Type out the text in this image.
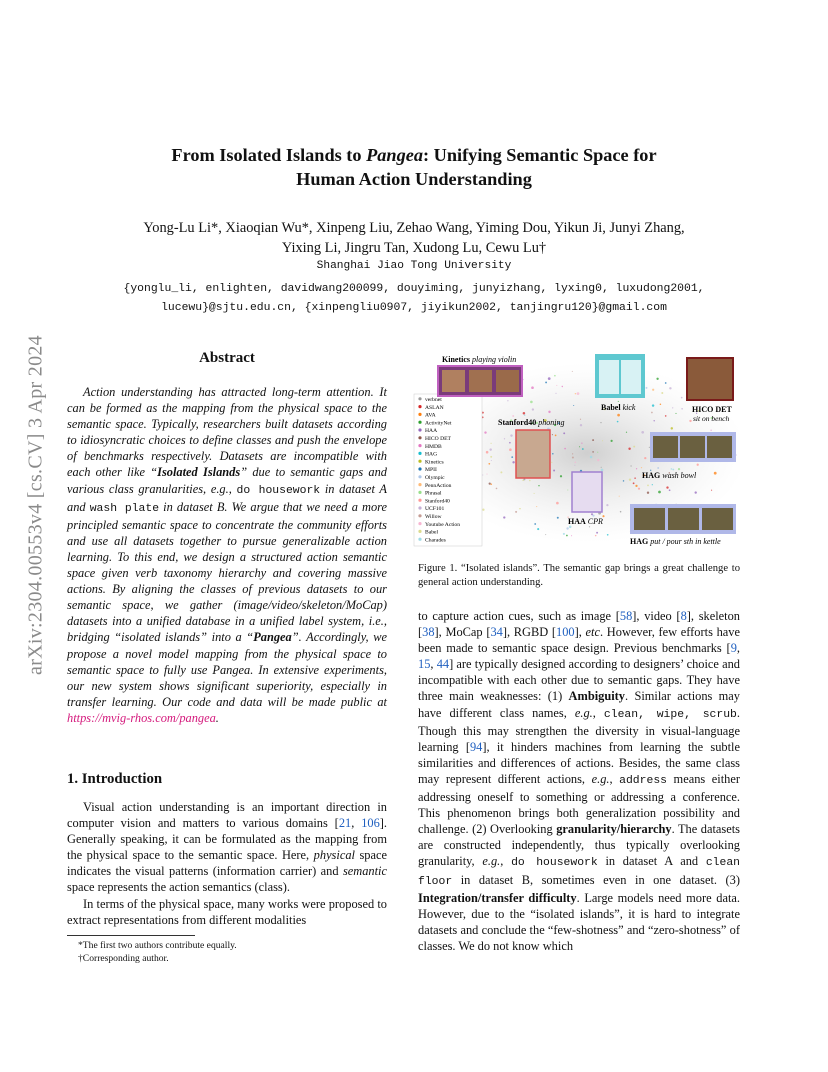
arXiv:2304.00553v4 [cs.CV] 3 Apr 2024
From Isolated Islands to Pangea: Unifying Semantic Space for
Human Action Understanding
Yong-Lu Li*, Xiaoqian Wu*, Xinpeng Liu, Zehao Wang, Yiming Dou, Yikun Ji, Junyi Zhang,
Yixing Li, Jingru Tan, Xudong Lu, Cewu Lu†
Shanghai Jiao Tong University
{yonglu_li, enlighten, davidwang200099, douyiming, junyizhang, lyxing0, luxudong2001,
lucewu}@sjtu.edu.cn, {xinpengliu0907, jiyikun2002, tanjingru120}@gmail.com
Abstract

Action understanding has attracted long-term attention. It can be formed as the mapping from the physical space to the semantic space. Typically, researchers built datasets according to idiosyncratic choices to define classes and push the envelope of benchmarks respectively. Datasets are incompatible with each other like “Isolated Islands” due to semantic gaps and various class granularities, e.g., do housework in dataset A and wash plate in dataset B. We argue that we need a more principled semantic space to concentrate the community efforts and use all datasets together to pursue generalizable action learning. To this end, we design a structured action semantic space given verb taxonomy hierarchy and covering massive actions. By aligning the classes of previous datasets to our semantic space, we gather (image/video/skeleton/MoCap) datasets into a unified database in a unified label system, i.e., bridging “isolated islands” into a “Pangea”. Accordingly, we propose a novel model mapping from the physical space to semantic space to fully use Pangea. In extensive experiments, our new system shows significant superiority, especially in transfer learning. Our code and data will be made public at https://mvig-rhos.com/pangea.

1. Introduction

Visual action understanding is an important direction in computer vision and matters to various domains [21, 106]. Generally speaking, it can be formulated as the mapping from the physical space to the semantic space. Here, physical space indicates the visual patterns (information carrier) and semantic space represents the action semantics (class).

In terms of the physical space, many works were proposed to extract representations from different modalities

*The first two authors contribute equally.

†Corresponding author.

verbnet
ASLAN
AVA
ActivityNet
HAA
HICO DET
HMDB
HAG
Kinetics
MPII
Olympic
PennAction
Phrasal
Stanford40
UCF101
Willow
Youtube Action
Babel
Charades
Kinetics playing violin
Babel kick	HICO DET
sit on bench
Stanford40 phoning
HAG wash bowl
HAA CPR
HAG put / pour sth in kettle
Figure 1. “Isolated islands”. The semantic gap brings a great challenge to general action understanding.

to capture action cues, such as image [58], video [8], skeleton [38], MoCap [34], RGBD [100], etc. However, few efforts have been made to semantic space design. Previous benchmarks [9, 15, 44] are typically designed according to designers’ choice and incompatible with each other due to semantic gaps. They have three main weaknesses: (1) Ambiguity. Similar actions may have different class names, e.g., clean, wipe, scrub. Though this may strengthen the diversity in visual-language learning [94], it hinders machines from learning the subtle similarities and differences of actions. Besides, the same class may represent different actions, e.g., address means either addressing oneself to something or addressing a conference. This phenomenon brings both generalization possibility and challenge. (2) Overlooking granularity/hierarchy. The datasets are constructed independently, thus typically overlooking granularity, e.g., do housework in dataset A and clean floor in dataset B, sometimes even in one dataset. (3) Integration/transfer difficulty. Large models need more data. However, due to the “isolated islands”, it is hard to integrate datasets and conclude the “few-shotness” and “zero-shotness” of classes. We do not know which
